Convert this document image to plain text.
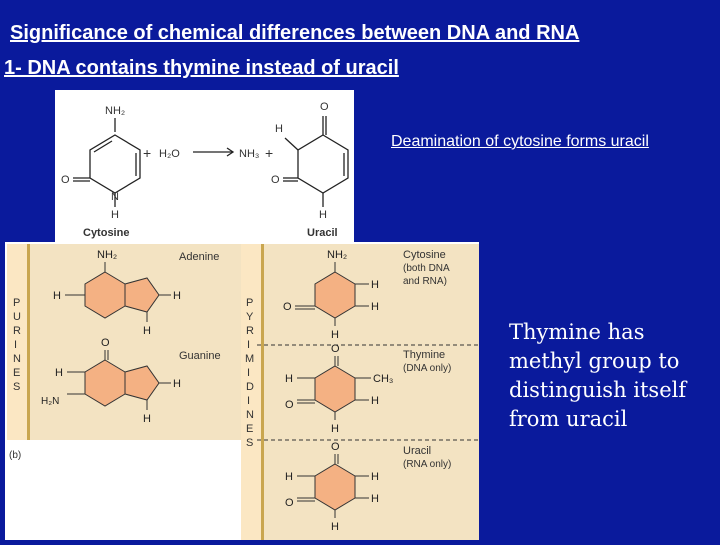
Significance of chemical differences between DNA and RNA
1- DNA contains thymine instead of uracil
NH₂
O
N
H
Cytosine
+ H₂O	NH₃ +
O
H
O
H
Uracil
Deamination of cytosine forms uracil
P
U
R
I
N
E
S
P
Y
R
I
M
I
D
I
N
E
S
NH₂
H	H
H
Adenine
O
H
H₂N
H
H
Guanine
NH₂
O
H
H
H
Cytosine
(both DNA
and RNA)
O
H
O
CH₃
H
H
Thymine
(DNA only)
O
H
O
H
H
H
Uracil
(RNA only)
(b)
Thymine has methyl group to distinguish itself from uracil
